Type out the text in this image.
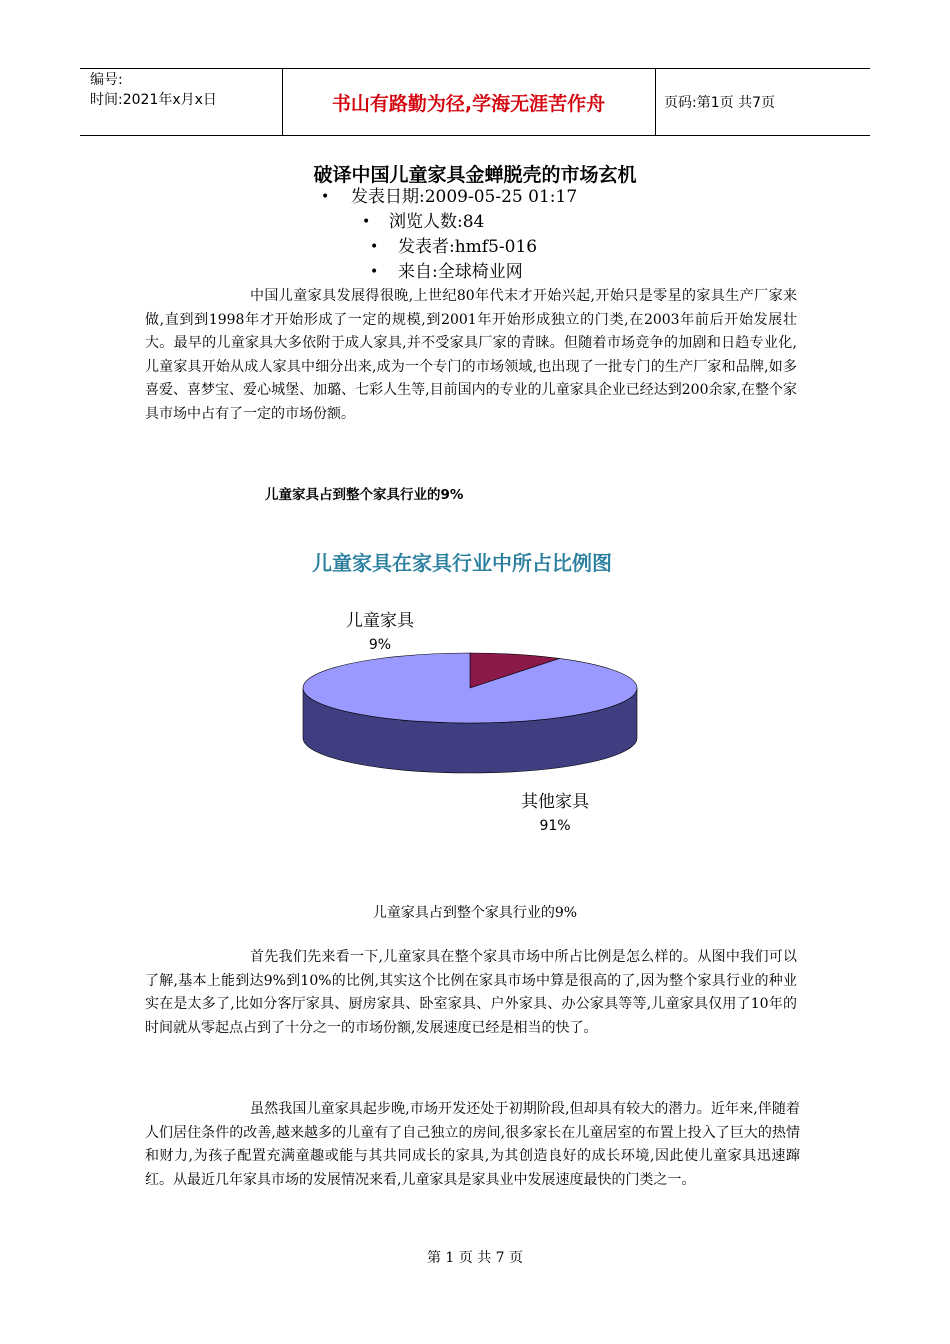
编号:
时间:2021年x月x日	书山有路勤为径,学海无涯苦作舟	页码:第1页 共7页
破译中国儿童家具金蝉脱壳的市场玄机
• 发表日期:2009-05-25 01:17
• 浏览人数:84
• 发表者:hmf5-016
• 来自:全球椅业网
中国儿童家具发展得很晚,上世纪80年代末才开始兴起,开始只是零星的家具生产厂家来做,直到到1998年才开始形成了一定的规模,到2001年开始形成独立的门类,在2003年前后开始发展壮大。最早的儿童家具大多依附于成人家具,并不受家具厂家的青睐。但随着市场竞争的加剧和日趋专业化,儿童家具开始从成人家具中细分出来,成为一个专门的市场领域,也出现了一批专门的生产厂家和品牌,如多喜爱、喜梦宝、爱心城堡、加璐、七彩人生等,目前国内的专业的儿童家具企业已经达到200余家,在整个家具市场中占有了一定的市场份额。
儿童家具占到整个家具行业的9%
儿童家具在家具行业中所占比例图
儿童家具
9%
其他家具
91%
儿童家具占到整个家具行业的9%
首先我们先来看一下,儿童家具在整个家具市场中所占比例是怎么样的。从图中我们可以了解,基本上能到达9%到10%的比例,其实这个比例在家具市场中算是很高的了,因为整个家具行业的种业实在是太多了,比如分客厅家具、厨房家具、卧室家具、户外家具、办公家具等等,儿童家具仅用了10年的时间就从零起点占到了十分之一的市场份额,发展速度已经是相当的快了。
虽然我国儿童家具起步晚,市场开发还处于初期阶段,但却具有较大的潜力。近年来,伴随着人们居住条件的改善,越来越多的儿童有了自己独立的房间,很多家长在儿童居室的布置上投入了巨大的热情和财力,为孩子配置充满童趣或能与其共同成长的家具,为其创造良好的成长环境,因此使儿童家具迅速蹿红。从最近几年家具市场的发展情况来看,儿童家具是家具业中发展速度最快的门类之一。
第 1 页 共 7 页
